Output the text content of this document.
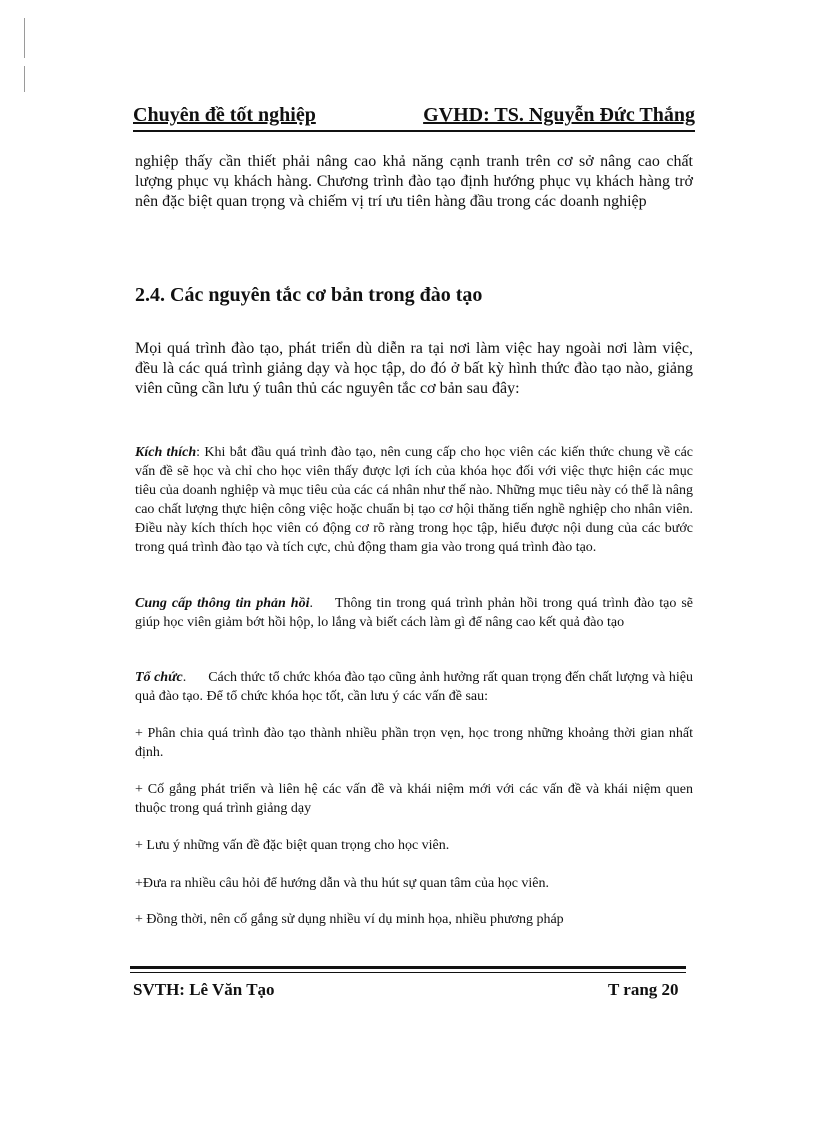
Chuyên đề tốt nghiệp	GVHD: TS. Nguyễn Đức Thắng

nghiệp thấy cần thiết phải nâng cao khả năng cạnh tranh trên cơ sở nâng cao chất lượng phục vụ khách hàng. Chương trình đào tạo định hướng phục vụ khách hàng trở nên đặc biệt quan trọng và chiếm vị trí ưu tiên hàng đầu trong các doanh nghiệp

2.4. Các nguyên tắc cơ bản trong đào tạo

Mọi quá trình đào tạo, phát triển dù diễn ra tại nơi làm việc hay ngoài nơi làm việc, đều là các quá trình giảng dạy và học tập, do đó ở bất kỳ hình thức đào tạo nào, giảng viên cũng cần lưu ý tuân thủ các nguyên tắc cơ bản sau đây:

Kích thích: Khi bắt đầu quá trình đào tạo, nên cung cấp cho học viên các kiến thức chung về các vấn đề sẽ học và chỉ cho học viên thấy được lợi ích của khóa học đối với việc thực hiện các mục tiêu của doanh nghiệp và mục tiêu của các cá nhân như thế nào. Những mục tiêu này có thể là nâng cao chất lượng thực hiện công việc hoặc chuẩn bị tạo cơ hội thăng tiến nghề nghiệp cho nhân viên. Điều này kích thích học viên có động cơ rõ ràng trong học tập, hiểu được nội dung của các bước trong quá trình đào tạo và tích cực, chủ động tham gia vào trong quá trình đào tạo.

Cung cấp thông tin phản hồi. Thông tin trong quá trình phản hồi trong quá trình đào tạo sẽ giúp học viên giảm bớt hồi hộp, lo lắng và biết cách làm gì để nâng cao kết quả đào tạo

Tổ chức. Cách thức tổ chức khóa đào tạo cũng ảnh hưởng rất quan trọng đến chất lượng và hiệu quả đào tạo. Để tổ chức khóa học tốt, cần lưu ý các vấn đề sau:

+ Phân chia quá trình đào tạo thành nhiều phần trọn vẹn, học trong những khoảng thời gian nhất định.

+ Cố gắng phát triển và liên hệ các vấn đề và khái niệm mới với các vấn đề và khái niệm quen thuộc trong quá trình giảng dạy

+ Lưu ý những vấn đề đặc biệt quan trọng cho học viên.

+Đưa ra nhiều câu hỏi để hướng dẫn và thu hút sự quan tâm của học viên.

+ Đồng thời, nên cố gắng sử dụng nhiều ví dụ minh họa, nhiều phương pháp

SVTH: Lê Văn Tạo	T rang 20
